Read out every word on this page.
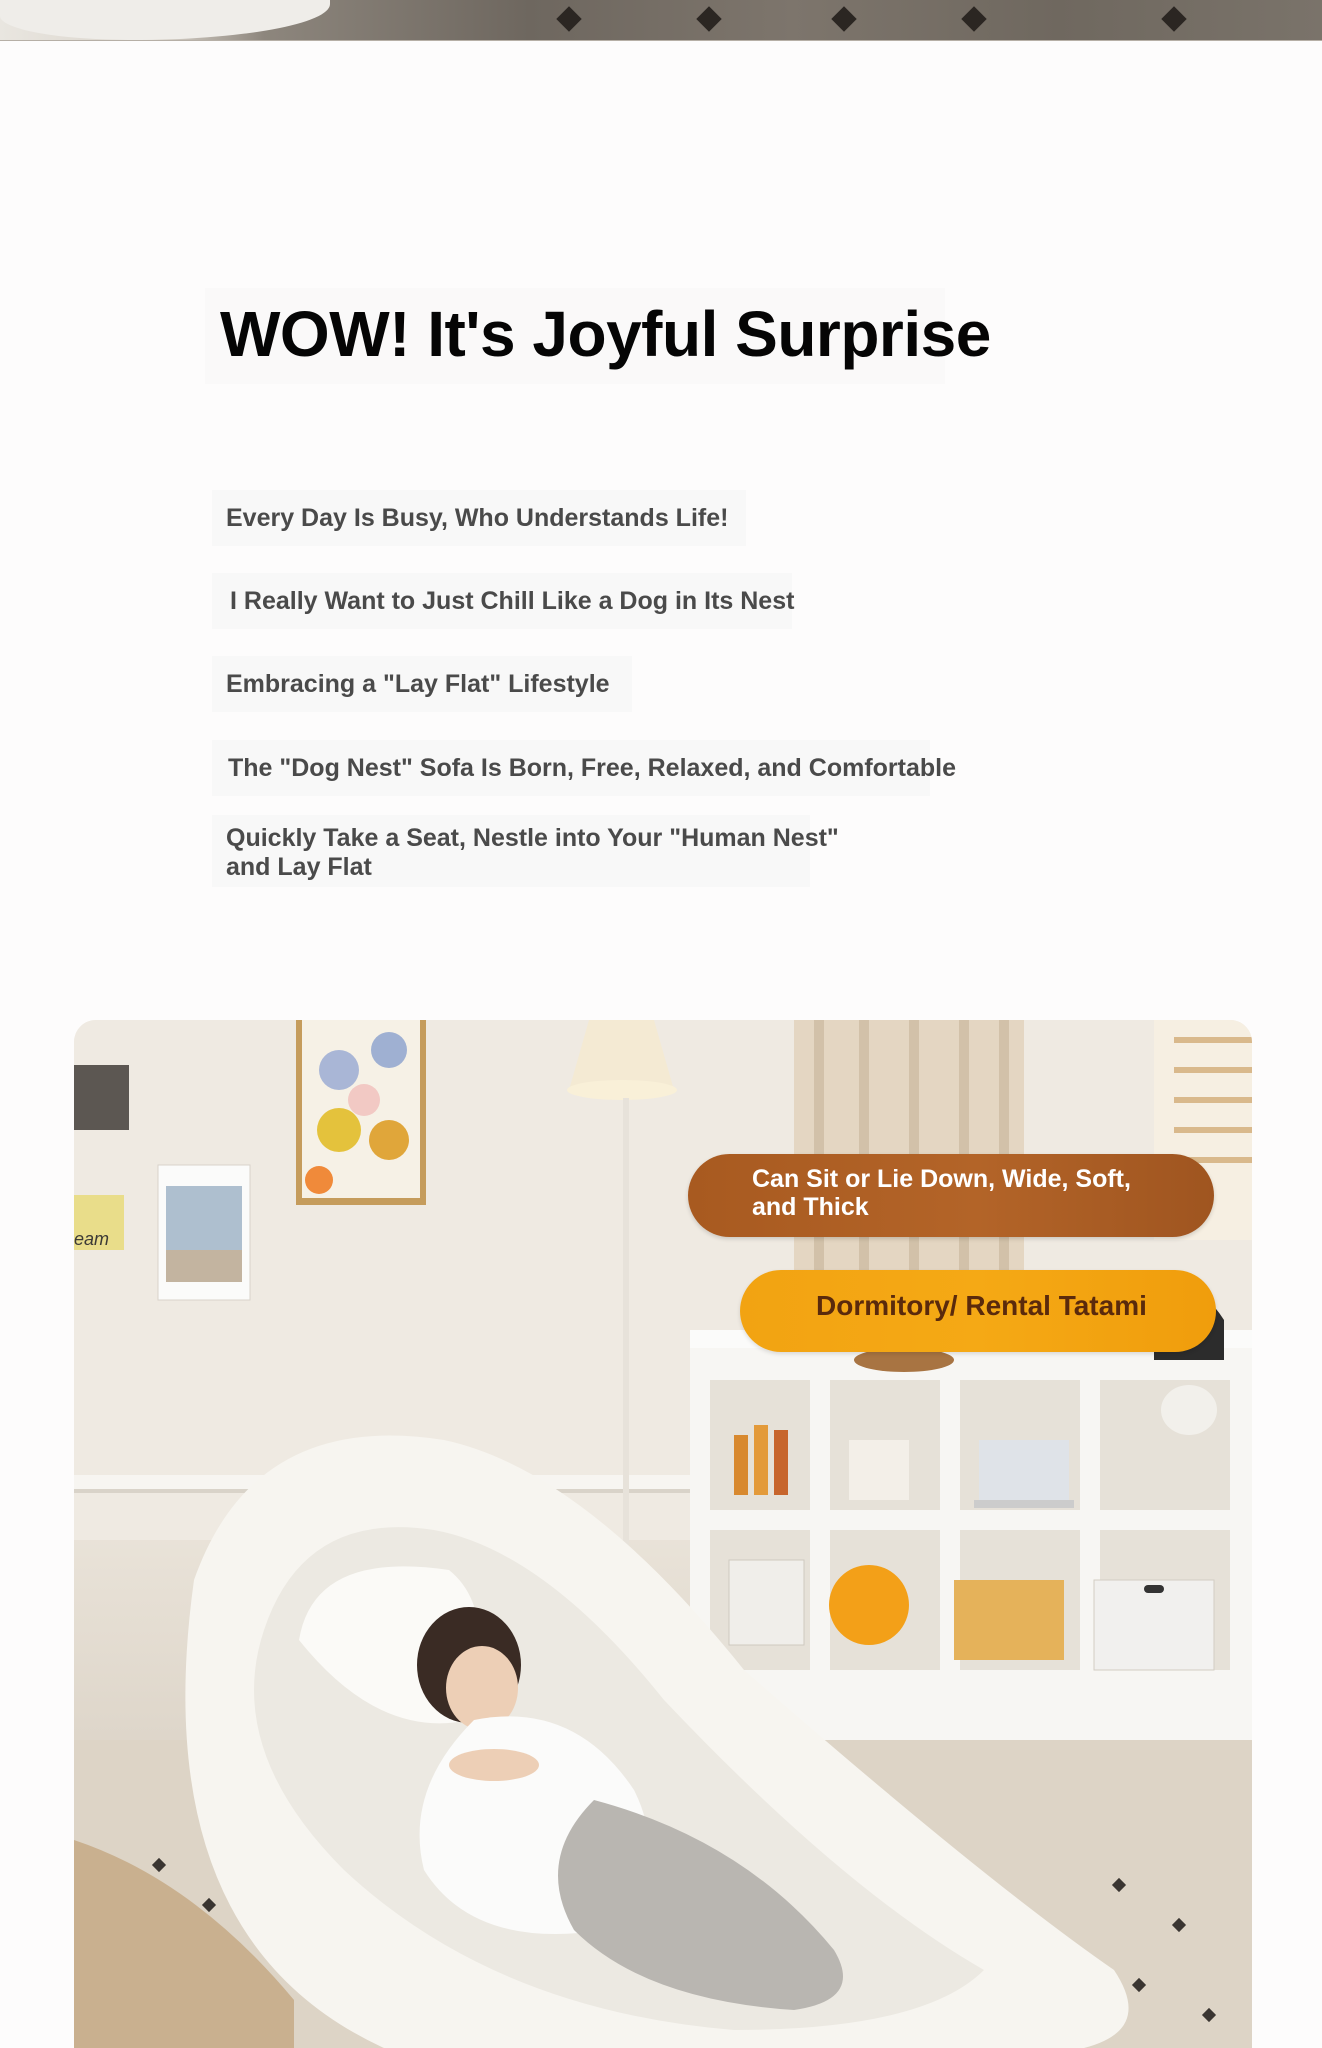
WOW! It's Joyful Surprise

Every Day Is Busy, Who Understands Life!

I Really Want to Just Chill Like a Dog in Its Nest

Embracing a "Lay Flat" Lifestyle

The "Dog Nest" Sofa Is Born, Free, Relaxed, and Comfortable

Quickly Take a Seat, Nestle into Your "Human Nest" and Lay Flat

eam

Can Sit or Lie Down, Wide, Soft, and Thick

Dormitory/ Rental Tatami
